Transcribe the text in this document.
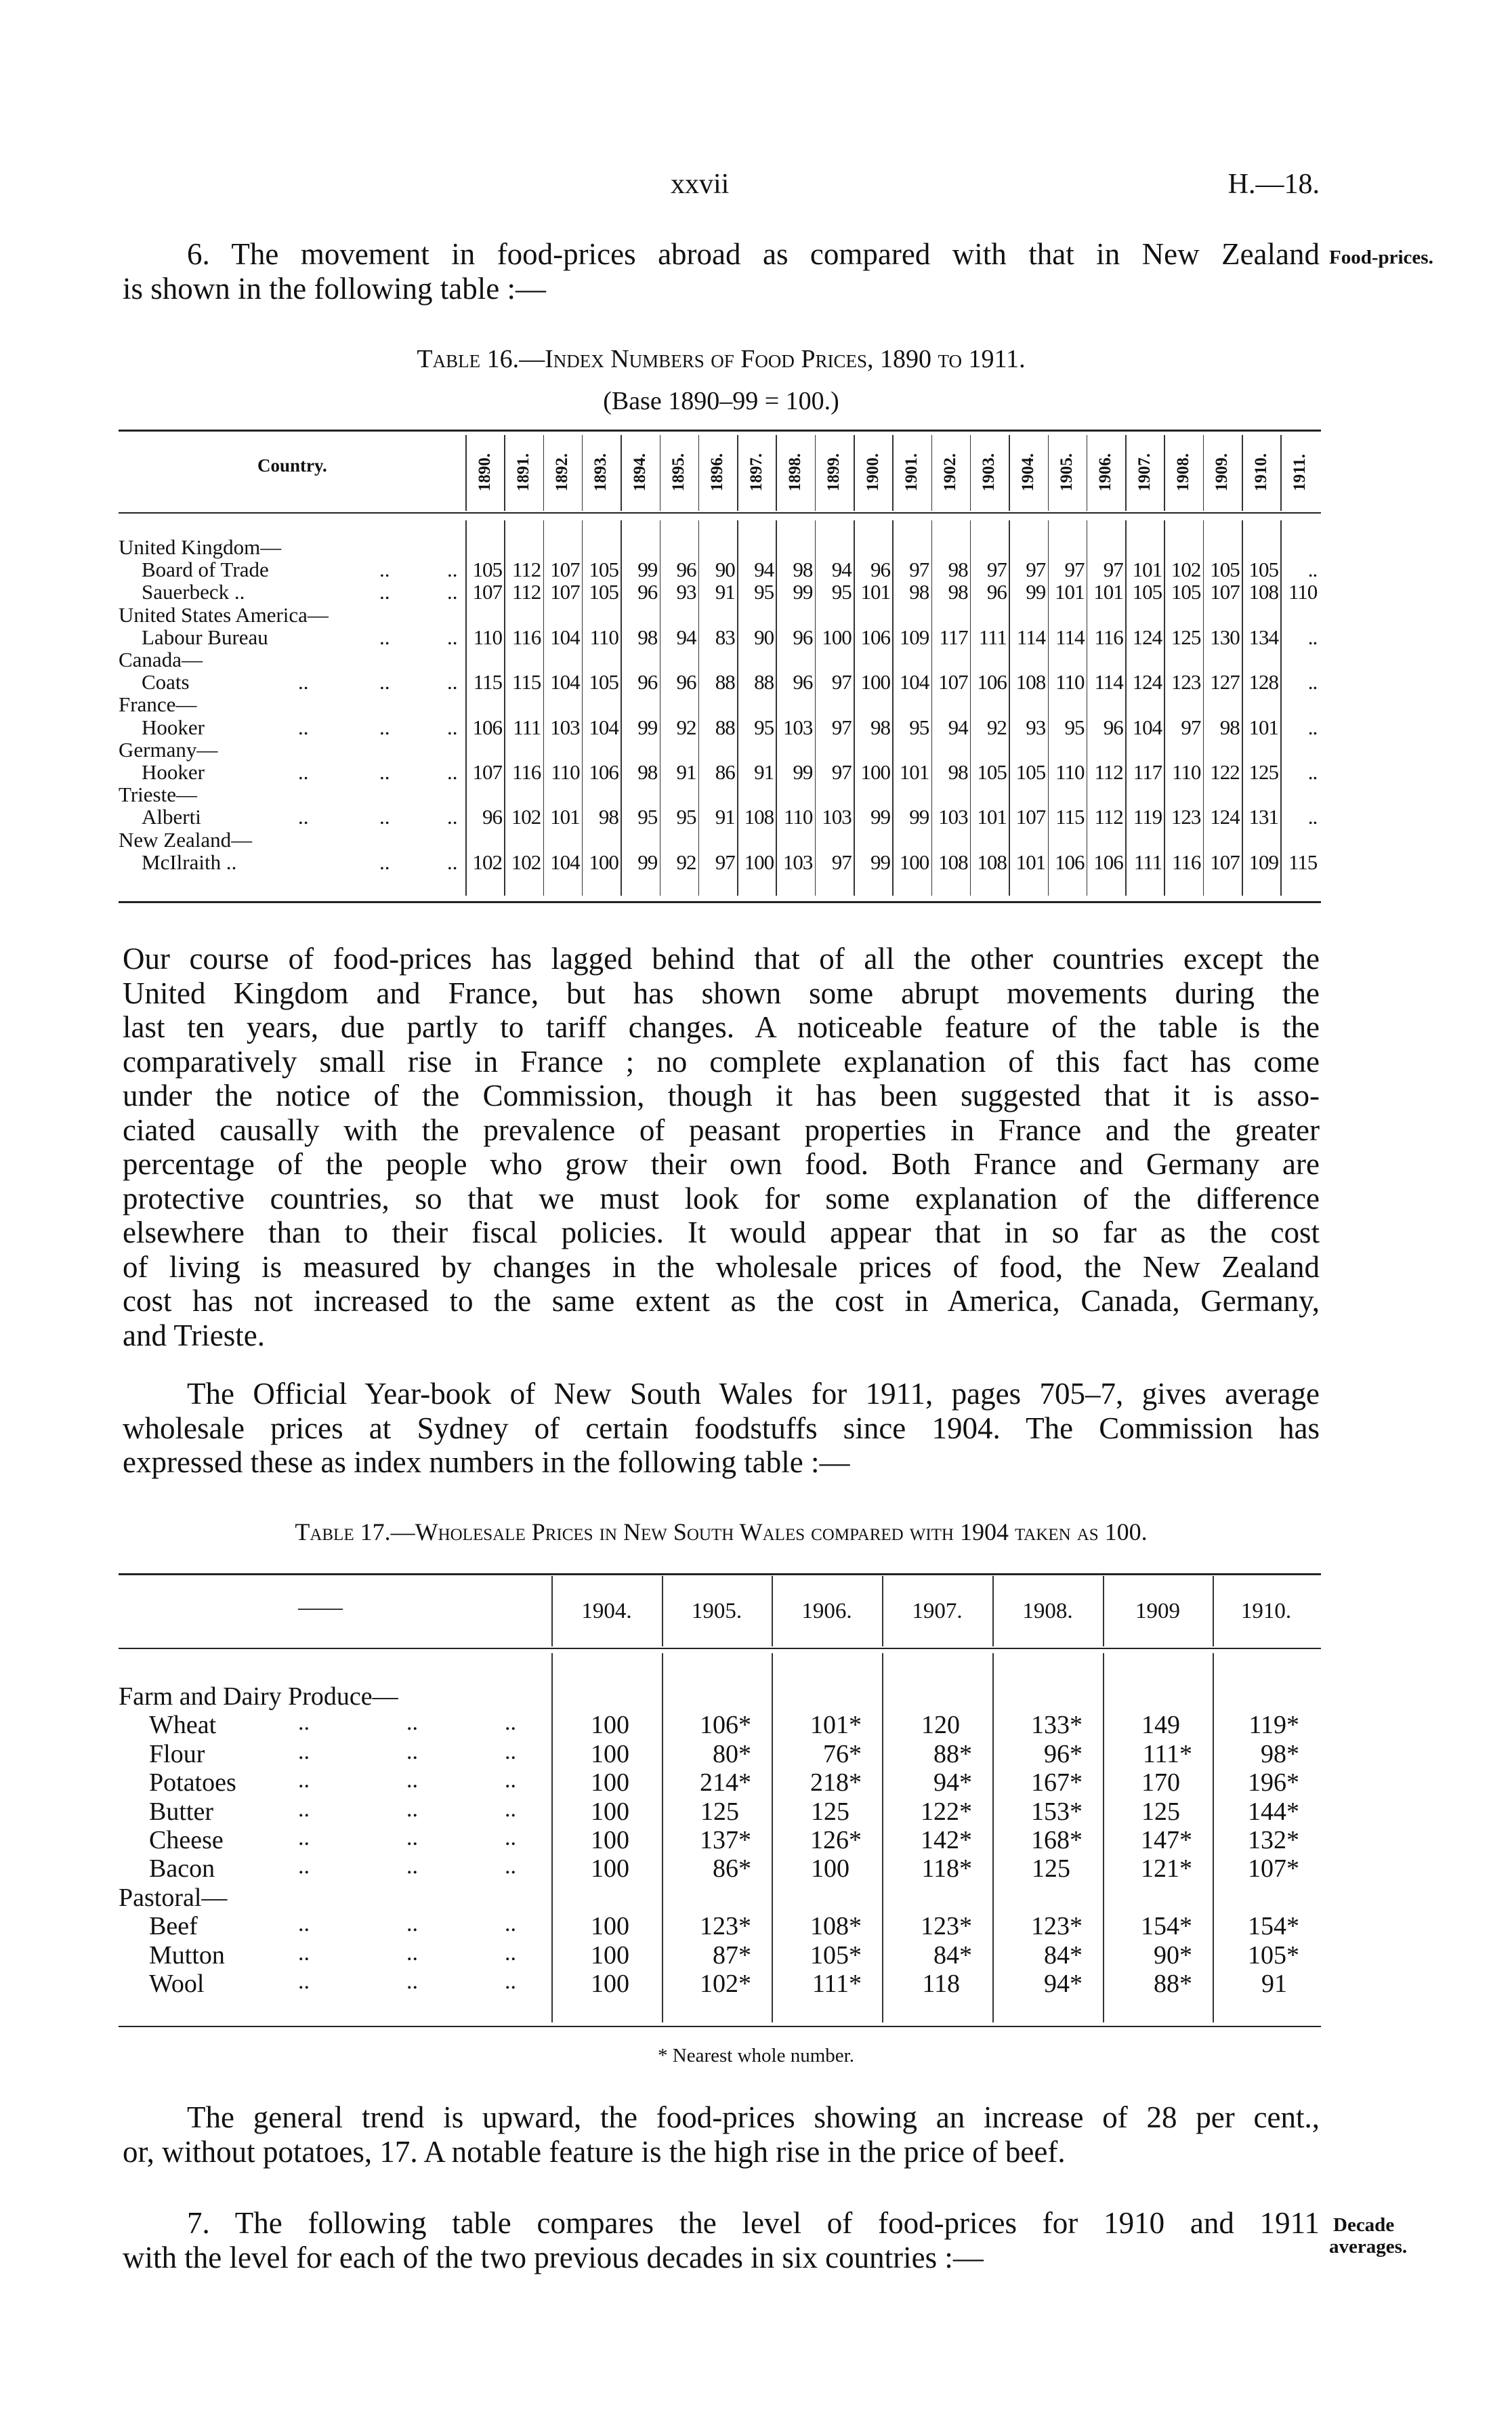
xxvii	H.—18.
6. The movement in food-prices abroad as compared with that in New Zealand
is shown in the following table :—
Food-prices.
Table 16.—Index Numbers of Food Prices, 1890 to 1911.
(Base 1890–99 = 100.)
Country.	1890. 1891. 1892. 1893. 1894. 1895. 1896. 1897. 1898. 1899. 1900. 1901. 1902. 1903. 1904. 1905. 1906. 1907. 1908. 1909. 1910. 1911.
United Kingdom—
Board of Trade	..	.. 105 112 107 105 99 96 90 94 98 94 96 97 98 97 97 97 97 101 102 105 105	..
Sauerbeck ..	..	.. 107 112 107 105 96 93 91 95 99 95 101 98 98 96 99 101 101 105 105 107 108 110
United States America—
Labour Bureau	..	.. 110 116 104 110 98 94 83 90 96 100 106 109 117 111 114 114 116 124 125 130 134	..
Canada—
Coats	..	..	.. 115 115 104 105 96 96 88 88 96 97 100 104 107 106 108 110 114 124 123 127 128	..
France—
Hooker	..	..	.. 106 111 103 104 99 92 88 95 103 97 98 95 94 92 93 95 96 104 97 98 101	..
Germany—
Hooker	..	..	.. 107 116 110 106 98 91 86 91 99 97 100 101 98 105 105 110 112 117 110 122 125	..
Trieste—
Alberti	..	..	..	96 102 101 98 95 95 91 108 110 103 99 99 103 101 107 115 112 119 123 124 131	..
New Zealand—
McIlraith ..	..	.. 102 102 104 100 99 92 97 100 103 97 99 100 108 108 101 106 106 111 116 107 109 115
Our course of food-prices has lagged behind that of all the other countries except the
United Kingdom and France, but has shown some abrupt movements during the
last ten years, due partly to tariff changes. A noticeable feature of the table is the
comparatively small rise in France ; no complete explanation of this fact has come
under the notice of the Commission, though it has been suggested that it is asso-
ciated causally with the prevalence of peasant properties in France and the greater
percentage of the people who grow their own food. Both France and Germany are
protective countries, so that we must look for some explanation of the difference
elsewhere than to their fiscal policies. It would appear that in so far as the cost
of living is measured by changes in the wholesale prices of food, the New Zealand
cost has not increased to the same extent as the cost in America, Canada, Germany,
and Trieste.
The Official Year-book of New South Wales for 1911, pages 705–7, gives average
wholesale prices at Sydney of certain foodstuffs since 1904. The Commission has
expressed these as index numbers in the following table :—
Table 17.—Wholesale Prices in New South Wales compared with 1904 taken as 100.
——	1904.	1905.	1906.	1907.	1908.	1909	1910.
Farm and Dairy Produce—
Wheat	..	..	..	100	106*	101*	120	133*	149	119*
Flour	..	..	..	100	80*	76*	88*	96*	111*	98*
Potatoes	..	..	..	100	214*	218*	94*	167*	170	196*
Butter	..	..	..	100	125	125	122*	153*	125	144*
Cheese	..	..	..	100	137*	126*	142*	168*	147*	132*
Bacon	..	..	..	100	86*	100	118*	125	121*	107*
Pastoral—
Beef	..	..	..	100	123*	108*	123*	123*	154*	154*
Mutton	..	..	..	100	87*	105*	84*	84*	90*	105*
Wool	..	..	..	100	102*	111*	118	94*	88*	91
* Nearest whole number.
The general trend is upward, the food-prices showing an increase of 28 per cent.,
or, without potatoes, 17. A notable feature is the high rise in the price of beef.
7. The following table compares the level of food-prices for 1910 and 1911
with the level for each of the two previous decades in six countries :—
Decade
averages.
